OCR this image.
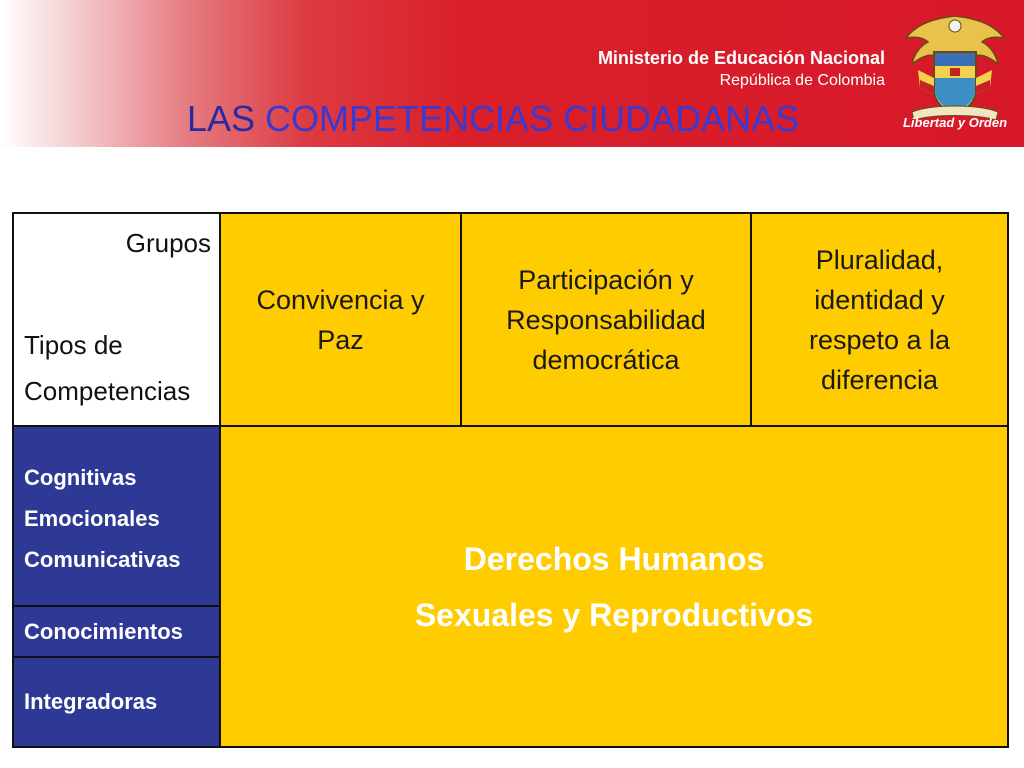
Ministerio de Educación Nacional
República de Colombia
LAS COMPETENCIAS CIUDADANAS	Libertad y Orden
Grupos
Tipos de
Competencias
Convivencia y Paz
Participación y Responsabilidad democrática
Pluralidad, identidad y respeto a la diferencia
Cognitivas
Emocionales
Comunicativas
Conocimientos
Integradoras
Derechos Humanos
Sexuales y Reproductivos
